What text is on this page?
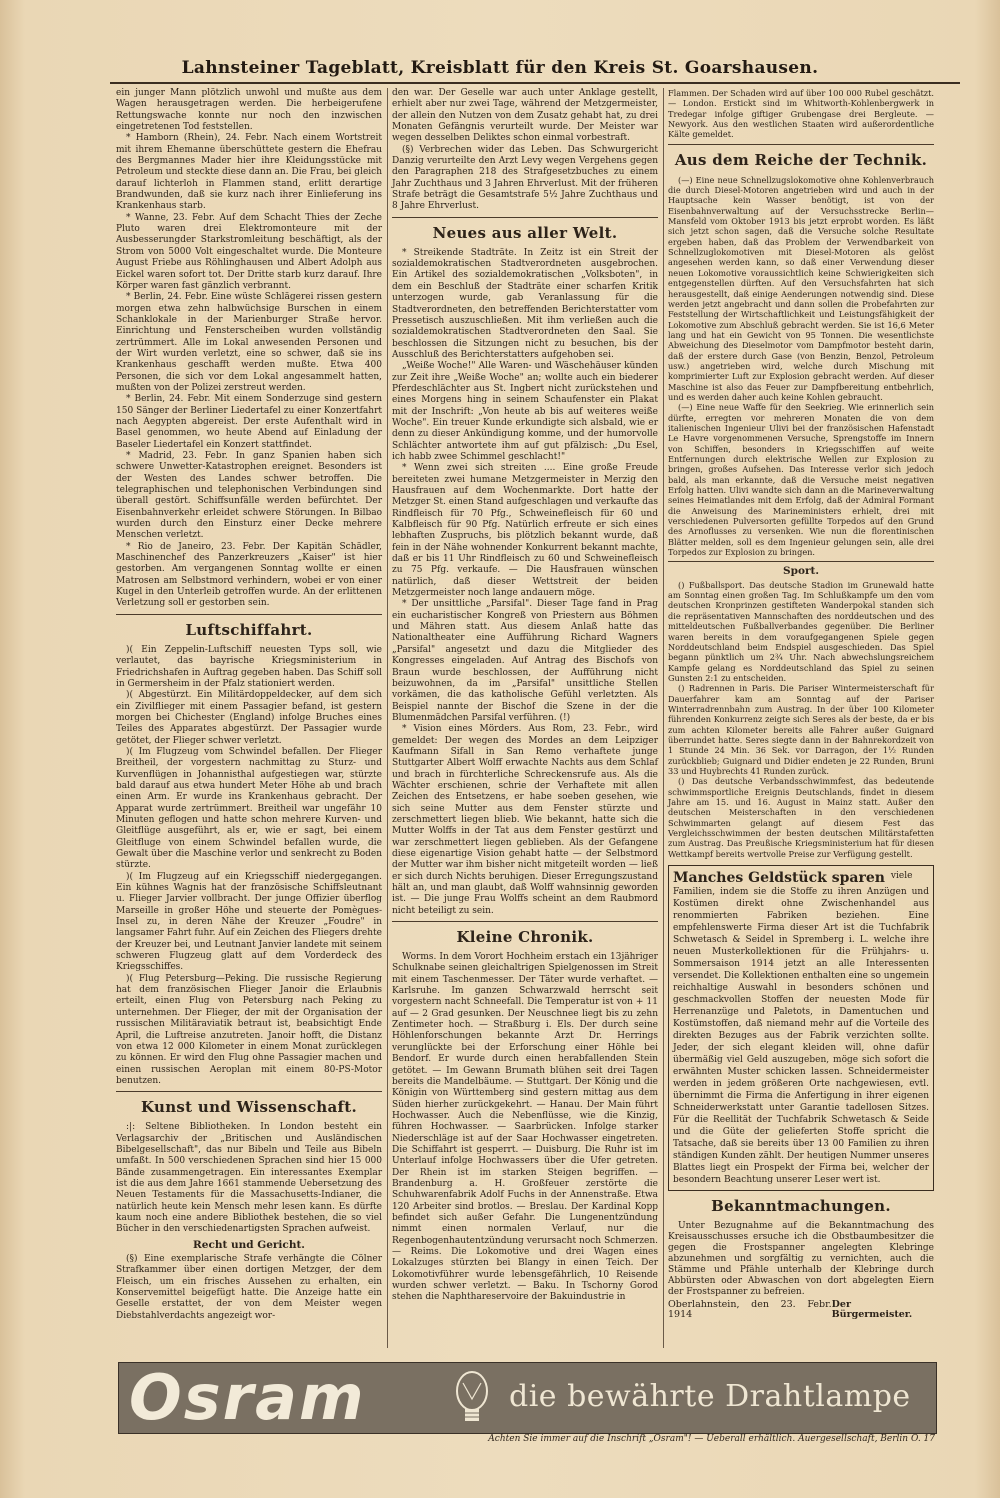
Lahnsteiner Tageblatt, Kreisblatt für den Kreis St. Goarshausen.

ein junger Mann plötzlich unwohl und mußte aus dem Wagen herausgetragen werden. Die herbeigerufene Rettungswache konnte nur noch den inzwischen eingetretenen Tod feststellen.

* Hamborn (Rhein), 24. Febr. Nach einem Wortstreit mit ihrem Ehemanne überschüttete gestern die Ehefrau des Bergmannes Mader hier ihre Kleidungsstücke mit Petroleum und steckte diese dann an. Die Frau, bei gleich darauf lichterloh in Flammen stand, erlitt derartige Brandwunden, daß sie kurz nach ihrer Einlieferung ins Krankenhaus starb.

* Wanne, 23. Febr. Auf dem Schacht Thies der Zeche Pluto waren drei Elektromonteure mit der Ausbesserungder Starkstromleitung beschäftigt, als der Strom von 5000 Volt eingeschaltet wurde. Die Monteure August Friebe aus Röhlinghausen und Albert Adolph aus Eickel waren sofort tot. Der Dritte starb kurz darauf. Ihre Körper waren fast gänzlich verbrannt.

* Berlin, 24. Febr. Eine wüste Schlägerei rissen gestern morgen etwa zehn halbwüchsige Burschen in einem Schanklokale in der Marienburger Straße hervor. Einrichtung und Fensterscheiben wurden vollständig zertrümmert. Alle im Lokal anwesenden Personen und der Wirt wurden verletzt, eine so schwer, daß sie ins Krankenhaus geschafft werden mußte. Etwa 400 Personen, die sich vor dem Lokal angesammelt hatten, mußten von der Polizei zerstreut werden.

* Berlin, 24. Febr. Mit einem Sonderzuge sind gestern 150 Sänger der Berliner Liedertafel zu einer Konzertfahrt nach Aegypten abgereist. Der erste Aufenthalt wird in Basel genommen, wo heute Abend auf Einladung der Baseler Liedertafel ein Konzert stattfindet.

* Madrid, 23. Febr. In ganz Spanien haben sich schwere Unwetter-Katastrophen ereignet. Besonders ist der Westen des Landes schwer betroffen. Die telegraphischen und telephonischen Verbindungen sind überall gestört. Schiffsunfälle werden befürchtet. Der Eisenbahnverkehr erleidet schwere Störungen. In Bilbao wurden durch den Einsturz einer Decke mehrere Menschen verletzt.

* Rio de Janeiro, 23. Febr. Der Kapitän Schädler, Maschinenchef des Panzerkreuzers „Kaiser" ist hier gestorben. Am vergangenen Sonntag wollte er einen Matrosen am Selbstmord verhindern, wobei er von einer Kugel in den Unterleib getroffen wurde. An der erlittenen Verletzung soll er gestorben sein.

Luftschiffahrt.

)( Ein Zeppelin-Luftschiff neuesten Typs soll, wie verlautet, das bayrische Kriegsministerium in Friedrichshafen in Auftrag gegeben haben. Das Schiff soll in Germersheim in der Pfalz stationiert werden.

)( Abgestürzt. Ein Militärdoppeldecker, auf dem sich ein Zivilflieger mit einem Passagier befand, ist gestern morgen bei Chichester (England) infolge Bruches eines Teiles des Apparates abgestürzt. Der Passagier wurde getötet, der Flieger schwer verletzt.

)( Im Flugzeug vom Schwindel befallen. Der Flieger Breitheil, der vorgestern nachmittag zu Sturz- und Kurvenflügen in Johannisthal aufgestiegen war, stürzte bald darauf aus etwa hundert Meter Höhe ab und brach einen Arm. Er wurde ins Krankenhaus gebracht. Der Apparat wurde zertrümmert. Breitheil war ungefähr 10 Minuten geflogen und hatte schon mehrere Kurven- und Gleitflüge ausgeführt, als er, wie er sagt, bei einem Gleitfluge von einem Schwindel befallen wurde, die Gewalt über die Maschine verlor und senkrecht zu Boden stürzte.

)( Im Flugzeug auf ein Kriegsschiff niedergegangen. Ein kühnes Wagnis hat der französische Schiffsleutnant u. Flieger Jarvier vollbracht. Der junge Offizier überflog Marseille in großer Höhe und steuerte der Pomègues-Insel zu, in deren Nähe der Kreuzer „Foudre" in langsamer Fahrt fuhr. Auf ein Zeichen des Fliegers drehte der Kreuzer bei, und Leutnant Janvier landete mit seinem schweren Flugzeug glatt auf dem Vorderdeck des Kriegsschiffes.

)( Flug Petersburg—Peking. Die russische Regierung hat dem französischen Flieger Janoir die Erlaubnis erteilt, einen Flug von Petersburg nach Peking zu unternehmen. Der Flieger, der mit der Organisation der russischen Militäraviatik betraut ist, beabsichtigt Ende April, die Luftreise anzutreten. Janoir hofft, die Distanz von etwa 12 000 Kilometer in einem Monat zurücklegen zu können. Er wird den Flug ohne Passagier machen und einen russischen Aeroplan mit einem 80-PS-Motor benutzen.

Kunst und Wissenschaft.

:|: Seltene Bibliotheken. In London besteht ein Verlagsarchiv der „Britischen und Ausländischen Bibelgesellschaft", das nur Bibeln und Teile aus Bibeln umfaßt. In 500 verschiedenen Sprachen sind hier 15 000 Bände zusammengetragen. Ein interessantes Exemplar ist die aus dem Jahre 1661 stammende Uebersetzung des Neuen Testaments für die Massachusetts-Indianer, die natürlich heute kein Mensch mehr lesen kann. Es dürfte kaum noch eine andere Bibliothek bestehen, die so viel Bücher in den verschiedenartigsten Sprachen aufweist.

Recht und Gericht.

(§) Eine exemplarische Strafe verhängte die Cölner Strafkammer über einen dortigen Metzger, der dem Fleisch, um ein frisches Aussehen zu erhalten, ein Konservemittel beigefügt hatte. Die Anzeige hatte ein Geselle erstattet, der von dem Meister wegen Diebstahlverdachts angezeigt wor-

den war. Der Geselle war auch unter Anklage gestellt, erhielt aber nur zwei Tage, während der Metzgermeister, der allein den Nutzen von dem Zusatz gehabt hat, zu drei Monaten Gefängnis verurteilt wurde. Der Meister war wegen desselben Deliktes schon einmal vorbestraft.

(§) Verbrechen wider das Leben. Das Schwurgericht Danzig verurteilte den Arzt Levy wegen Vergehens gegen den Paragraphen 218 des Strafgesetzbuches zu einem Jahr Zuchthaus und 3 Jahren Ehrverlust. Mit der früheren Strafe beträgt die Gesamtstrafe 5½ Jahre Zuchthaus und 8 Jahre Ehrverlust.

Neues aus aller Welt.

* Streikende Stadträte. In Zeitz ist ein Streit der sozialdemokratischen Stadtverordneten ausgebrochen. Ein Artikel des sozialdemokratischen „Volksboten", in dem ein Beschluß der Stadträte einer scharfen Kritik unterzogen wurde, gab Veranlassung für die Stadtverordneten, den betreffenden Berichterstatter vom Pressetisch auszuschließen. Mit ihm verließen auch die sozialdemokratischen Stadtverordneten den Saal. Sie beschlossen die Sitzungen nicht zu besuchen, bis der Ausschluß des Berichterstatters aufgehoben sei.

„Weiße Woche!" Alle Waren- und Wäschehäuser künden zur Zeit ihre „Weiße Woche" an; wollte auch ein biederer Pferdeschlächter aus St. Ingbert nicht zurückstehen und eines Morgens hing in seinem Schaufenster ein Plakat mit der Inschrift: „Von heute ab bis auf weiteres weiße Woche". Ein treuer Kunde erkundigte sich alsbald, wie er denn zu dieser Ankündigung komme, und der humorvolle Schlächter antwortete ihm auf gut pfälzisch: „Du Esel, ich habb zwee Schimmel geschlacht!"

* Wenn zwei sich streiten .... Eine große Freude bereiteten zwei humane Metzgermeister in Merzig den Hausfrauen auf dem Wochenmarkte. Dort hatte der Metzger St. einen Stand aufgeschlagen und verkaufte das Rindfleisch für 70 Pfg., Schweinefleisch für 60 und Kalbfleisch für 90 Pfg. Natürlich erfreute er sich eines lebhaften Zuspruchs, bis plötzlich bekannt wurde, daß fein in der Nähe wohnender Konkurrent bekannt machte, daß er bis 11 Uhr Rindfleisch zu 60 und Schweinefleisch zu 75 Pfg. verkaufe. — Die Hausfrauen wünschen natürlich, daß dieser Wettstreit der beiden Metzgermeister noch lange andauern möge.

* Der unsittliche „Parsifal". Dieser Tage fand in Prag ein eucharistischer Kongreß von Priestern aus Böhmen und Mähren statt. Aus diesem Anlaß hatte das Nationaltheater eine Aufführung Richard Wagners „Parsifal" angesetzt und dazu die Mitglieder des Kongresses eingeladen. Auf Antrag des Bischofs von Braun wurde beschlossen, der Aufführung nicht beizuwohnen, da im „Parsifal" unsittliche Stellen vorkämen, die das katholische Gefühl verletzten. Als Beispiel nannte der Bischof die Szene in der die Blumenmädchen Parsifal verführen. (!)

* Vision eines Mörders. Aus Rom, 23. Febr., wird gemeldet: Der wegen des Mordes an dem Leipziger Kaufmann Sifall in San Remo verhaftete junge Stuttgarter Albert Wolff erwachte Nachts aus dem Schlaf und brach in fürchterliche Schreckensrufe aus. Als die Wächter erschienen, schrie der Verhaftete mit allen Zeichen des Entsetzens, er habe soeben gesehen, wie sich seine Mutter aus dem Fenster stürzte und zerschmettert liegen blieb. Wie bekannt, hatte sich die Mutter Wolffs in der Tat aus dem Fenster gestürzt und war zerschmettert liegen geblieben. Als der Gefangene diese eigenartige Vision gehabt hatte — der Selbstmord der Mutter war ihm bisher nicht mitgeteilt worden — ließ er sich durch Nichts beruhigen. Dieser Erregungszustand hält an, und man glaubt, daß Wolff wahnsinnig geworden ist. — Die junge Frau Wolffs scheint an dem Raubmord nicht beteiligt zu sein.

Kleine Chronik.

Worms. In dem Vorort Hochheim erstach ein 13jähriger Schulknabe seinen gleichaltrigen Spielgenossen im Streit mit einem Taschenmesser. Der Täter wurde verhaftet. — Karlsruhe. Im ganzen Schwarzwald herrscht seit vorgestern nacht Schneefall. Die Temperatur ist von + 11 auf — 2 Grad gesunken. Der Neuschnee liegt bis zu zehn Zentimeter hoch. — Straßburg i. Els. Der durch seine Höhlenforschungen bekannte Arzt Dr. Herrings verunglückte bei der Erforschung einer Höhle bei Bendorf. Er wurde durch einen herabfallenden Stein getötet. — Im Gewann Brumath blühen seit drei Tagen bereits die Mandelbäume. — Stuttgart. Der König und die Königin von Württemberg sind gestern mittag aus dem Süden hierher zurückgekehrt. — Hanau. Der Main führt Hochwasser. Auch die Nebenflüsse, wie die Kinzig, führen Hochwasser. — Saarbrücken. Infolge starker Niederschläge ist auf der Saar Hochwasser eingetreten. Die Schiffahrt ist gesperrt. — Duisburg. Die Ruhr ist im Unterlauf infolge Hochwassers über die Ufer getreten. Der Rhein ist im starken Steigen begriffen. — Brandenburg a. H. Großfeuer zerstörte die Schuhwarenfabrik Adolf Fuchs in der Annenstraße. Etwa 120 Arbeiter sind brotlos. — Breslau. Der Kardinal Kopp befindet sich außer Gefahr. Die Lungenentzündung nimmt einen normalen Verlauf, nur die Regenbogenhautentzündung verursacht noch Schmerzen. — Reims. Die Lokomotive und drei Wagen eines Lokalzuges stürzten bei Blangy in einen Teich. Der Lokomotivführer wurde lebensgefährlich, 10 Reisende wurden schwer verletzt. — Baku. In Tschorny Gorod stehen die Naphthareservoire der Bakuindustrie in

Flammen. Der Schaden wird auf über 100 000 Rubel geschätzt. — London. Erstickt sind im Whitworth-Kohlenbergwerk in Tredegar infolge giftiger Grubengase drei Bergleute. — Newyork. Aus den westlichen Staaten wird außerordentliche Kälte gemeldet.

Aus dem Reiche der Technik.

(—) Eine neue Schnellzugslokomotive ohne Kohlenverbrauch die durch Diesel-Motoren angetrieben wird und auch in der Hauptsache kein Wasser benötigt, ist von der Eisenbahnverwaltung auf der Versuchsstrecke Berlin—Mansfeld vom Oktober 1913 bis jetzt erprobt worden. Es läßt sich jetzt schon sagen, daß die Versuche solche Resultate ergeben haben, daß das Problem der Verwendbarkeit von Schnellzuglokomotiven mit Diesel-Motoren als gelöst angesehen werden kann, so daß einer Verwendung dieser neuen Lokomotive voraussichtlich keine Schwierigkeiten sich entgegenstellen dürften. Auf den Versuchsfahrten hat sich herausgestellt, daß einige Aenderungen notwendig sind. Diese werden jetzt angebracht und dann sollen die Probefahrten zur Feststellung der Wirtschaftlichkeit und Leistungsfähigkeit der Lokomotive zum Abschluß gebracht werden. Sie ist 16,6 Meter lang und hat ein Gewicht von 95 Tonnen. Die wesentlichste Abweichung des Dieselmotor vom Dampfmotor besteht darin, daß der erstere durch Gase (von Benzin, Benzol, Petroleum usw.) angetrieben wird, welche durch Mischung mit komprimierter Luft zur Explosion gebracht werden. Auf dieser Maschine ist also das Feuer zur Dampfbereitung entbehrlich, und es werden daher auch keine Kohlen gebraucht.

(—) Eine neue Waffe für den Seekrieg. Wie erinnerlich sein dürfte, erregten vor mehreren Monaten die von dem italienischen Ingenieur Ulivi bei der französischen Hafenstadt Le Havre vorgenommenen Versuche, Sprengstoffe im Innern von Schiffen, besonders in Kriegsschiffen auf weite Entfernungen durch elektrische Wellen zur Explosion zu bringen, großes Aufsehen. Das Interesse verlor sich jedoch bald, als man erkannte, daß die Versuche meist negativen Erfolg hatten. Ulivi wandte sich dann an die Marineverwaltung seines Heimatlandes mit dem Erfolg, daß der Admiral Formant die Anweisung des Marineministers erhielt, drei mit verschiedenen Pulversorten gefüllte Torpedos auf den Grund des Arnoflusses zu versenken. Wie nun die florentinischen Blätter melden, soll es dem Ingenieur gelungen sein, alle drei Torpedos zur Explosion zu bringen.

Sport.

() Fußballsport. Das deutsche Stadion im Grunewald hatte am Sonntag einen großen Tag. Im Schlußkampfe um den vom deutschen Kronprinzen gestifteten Wanderpokal standen sich die repräsentativen Mannschaften des norddeutschen und des mitteldeutschen Fußballverbandes gegenüber. Die Berliner waren bereits in dem voraufgegangenen Spiele gegen Norddeutschland beim Endspiel ausgeschieden. Das Spiel begann pünktlich um 2¾ Uhr. Nach abwechslungsreichem Kampfe gelang es Norddeutschland das Spiel zu seinen Gunsten 2:1 zu entscheiden.

() Radrennen in Paris. Die Pariser Wintermeisterschaft für Dauerfahrer kam am Sonntag auf der Pariser Winterradrennbahn zum Austrag. In der über 100 Kilometer führenden Konkurrenz zeigte sich Seres als der beste, da er bis zum achten Kilometer bereits alle Fahrer außer Guignard überrundet hatte. Seres siegte dann in der Bahnrekordzeit von 1 Stunde 24 Min. 36 Sek. vor Darragon, der 1½ Runden zurückblieb; Guignard und Didier endeten je 22 Runden, Bruni 33 und Huybrechts 41 Runden zurück.

() Das deutsche Verbandsschwimmfest, das bedeutende schwimmsportliche Ereignis Deutschlands, findet in diesem Jahre am 15. und 16. August in Mainz statt. Außer den deutschen Meisterschaften in den verschiedenen Schwimmarten gelangt auf diesem Fest das Vergleichsschwimmen der besten deutschen Militärstafetten zum Austrag. Das Preußische Kriegsministerium hat für diesen Wettkampf bereits wertvolle Preise zur Verfügung gestellt.

Manches Geldstück sparen viele Familien, indem sie die Stoffe zu ihren Anzügen und Kostümen direkt ohne Zwischenhandel aus renommierten Fabriken beziehen. Eine empfehlenswerte Firma dieser Art ist die Tuchfabrik Schwetasch & Seidel in Spremberg i. L. welche ihre neuen Musterkollektionen für die Frühjahrs- u. Sommersaison 1914 jetzt an alle Interessenten versendet. Die Kollektionen enthalten eine so ungemein reichhaltige Auswahl in besonders schönen und geschmackvollen Stoffen der neuesten Mode für Herrenanzüge und Paletots, in Damentuchen und Kostümstoffen, daß niemand mehr auf die Vorteile des direkten Bezuges aus der Fabrik verzichten sollte. Jeder, der sich elegant kleiden will, ohne dafür übermäßig viel Geld auszugeben, möge sich sofort die erwähnten Muster schicken lassen. Schneidermeister werden in jedem größeren Orte nachgewiesen, evtl. übernimmt die Firma die Anfertigung in ihrer eigenen Schneiderwerkstatt unter Garantie tadellosen Sitzes. Für die Reellität der Tuchfabrik Schwetasch & Seide und die Güte der gelieferten Stoffe spricht die Tatsache, daß sie bereits über 13 00 Familien zu ihren ständigen Kunden zählt. Der heutigen Nummer unseres Blattes liegt ein Prospekt der Firma bei, welcher der besondern Beachtung unserer Leser wert ist.
Bekanntmachungen.

Unter Bezugnahme auf die Bekanntmachung des Kreisausschusses ersuche ich die Obstbaumbesitzer die gegen die Frostspanner angelegten Klebringe abzunehmen und sorgfältig zu vernichten, auch die Stämme und Pfähle unterhalb der Klebringe durch Abbürsten oder Abwaschen von dort abgelegten Eiern der Frostspanner zu befreien.

Oberlahnstein, den 23. Febr. 1914
Der Bürgermeister.
Osram	die bewährte Drahtlampe
Achten Sie immer auf die Inschrift „Osram"! — Ueberall erhältlich. Auergesellschaft, Berlin O. 17
